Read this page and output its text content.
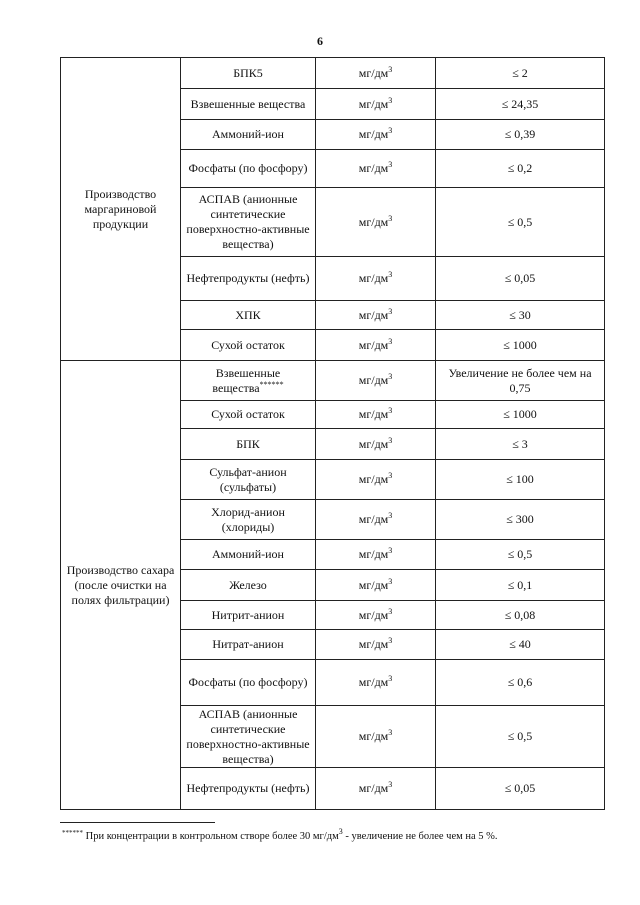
6
Производство маргариновой продукции	БПК5	$мг/дм^3$	≤ 2
	Взвешенные вещества	$мг/дм^3$	≤ 24,35
	Аммоний-ион	$мг/дм^3$	≤ 0,39
	Фосфаты (по фосфору)	$мг/дм^3$	≤ 0,2
	АСПАВ (анионные синтетические поверхностно-активные вещества)	$мг/дм^3$	≤ 0,5
	Нефтепродукты (нефть)	$мг/дм^3$	≤ 0,05
	ХПК	$мг/дм^3$	≤ 30
	Сухой остаток	$мг/дм^3$	≤ 1000
Производство сахара (после очистки на полях фильтрации)	Взвешенные вещества******	$мг/дм^3$	Увеличение не более чем на 0,75
	Сухой остаток	$мг/дм^3$	≤ 1000
	БПК	$мг/дм^3$	≤ 3
	Сульфат-анион (сульфаты)	$мг/дм^3$	≤ 100
	Хлорид-анион (хлориды)	$мг/дм^3$	≤ 300
	Аммоний-ион	$мг/дм^3$	≤ 0,5
	Железо	$мг/дм^3$	≤ 0,1
	Нитрит-анион	$мг/дм^3$	≤ 0,08
	Нитрат-анион	$мг/дм^3$	≤ 40
	Фосфаты (по фосфору)	$мг/дм^3$	≤ 0,6
	АСПАВ (анионные синтетические поверхностно-активные вещества)	$мг/дм^3$	≤ 0,5
	Нефтепродукты (нефть)	$мг/дм^3$	≤ 0,05
****** При концентрации в контрольном створе более 30 $мг/дм^3$ - увеличение не более чем на 5 %.
